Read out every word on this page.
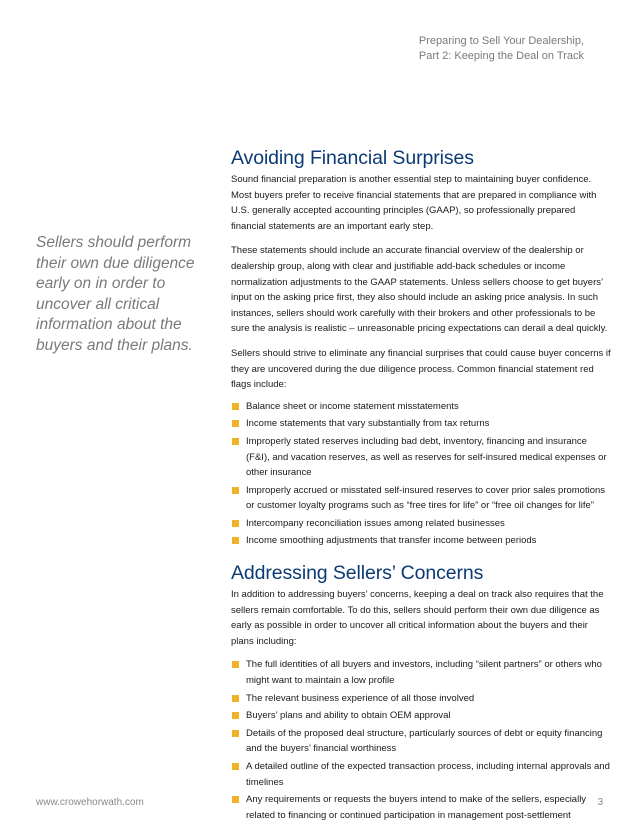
Preparing to Sell Your Dealership,
Part 2: Keeping the Deal on Track
Sellers should perform their own due diligence early on in order to uncover all critical information about the buyers and their plans.
Avoiding Financial Surprises

Sound financial preparation is another essential step to maintaining buyer confidence. Most buyers prefer to receive financial statements that are prepared in compliance with U.S. generally accepted accounting principles (GAAP), so professionally prepared financial statements are an important early step.

These statements should include an accurate financial overview of the dealership or dealership group, along with clear and justifiable add-back schedules or income normalization adjustments to the GAAP statements. Unless sellers choose to get buyers’ input on the asking price first, they also should include an asking price analysis. In such instances, sellers should work carefully with their brokers and other professionals to be sure the analysis is realistic – unreasonable pricing expectations can derail a deal quickly.

Sellers should strive to eliminate any financial surprises that could cause buyer concerns if they are uncovered during the due diligence process. Common financial statement red flags include:

Balance sheet or income statement misstatements
Income statements that vary substantially from tax returns
Improperly stated reserves including bad debt, inventory, financing and insurance (F&I), and vacation reserves, as well as reserves for self-insured medical expenses or other insurance
Improperly accrued or misstated self-insured reserves to cover prior sales promotions or customer loyalty programs such as “free tires for life” or “free oil changes for life”
Intercompany reconciliation issues among related businesses
Income smoothing adjustments that transfer income between periods
Addressing Sellers’ Concerns

In addition to addressing buyers’ concerns, keeping a deal on track also requires that the sellers remain comfortable. To do this, sellers should perform their own due diligence as early as possible in order to uncover all critical information about the buyers and their plans including:

The full identities of all buyers and investors, including “silent partners” or others who might want to maintain a low profile
The relevant business experience of all those involved
Buyers’ plans and ability to obtain OEM approval
Details of the proposed deal structure, particularly sources of debt or equity financing and the buyers’ financial worthiness
A detailed outline of the expected transaction process, including internal approvals and timelines
Any requirements or requests the buyers intend to make of the sellers, especially related to financing or continued participation in management post-settlement
www.crowehorwath.com	3
